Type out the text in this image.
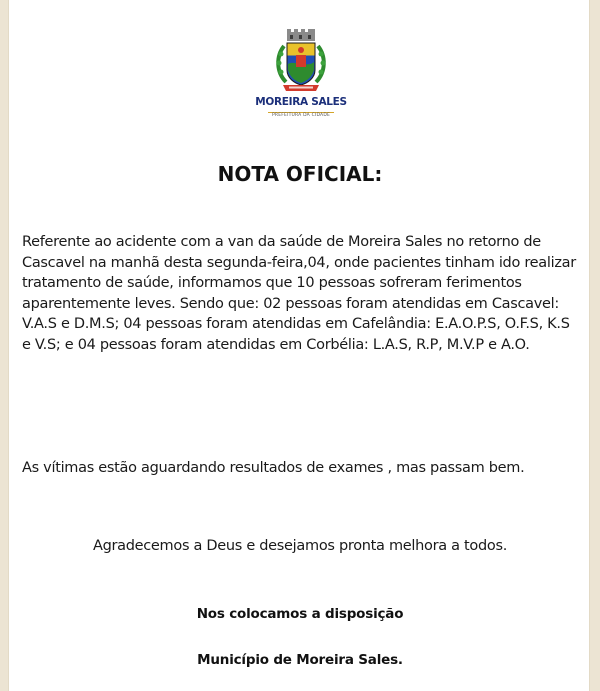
MOREIRA SALES
PREFEITURA DA CIDADE
NOTA OFICIAL:

Referente ao acidente com a van da saúde de Moreira Sales no retorno de Cascavel na manhã desta segunda-feira,04, onde pacientes tinham ido realizar tratamento de saúde, informamos que 10 pessoas sofreram ferimentos aparentemente leves. Sendo que: 02 pessoas foram atendidas em Cascavel: V.A.S e D.M.S; 04 pessoas foram atendidas em Cafelândia: E.A.O.P.S, O.F.S, K.S e V.S; e 04 pessoas foram atendidas em Corbélia: L.A.S, R.P, M.V.P e A.O.

As vítimas estão aguardando resultados de exames , mas passam bem.

Agradecemos a Deus e desejamos pronta melhora a todos.

Nos colocamos a disposição
Município de Moreira Sales.
